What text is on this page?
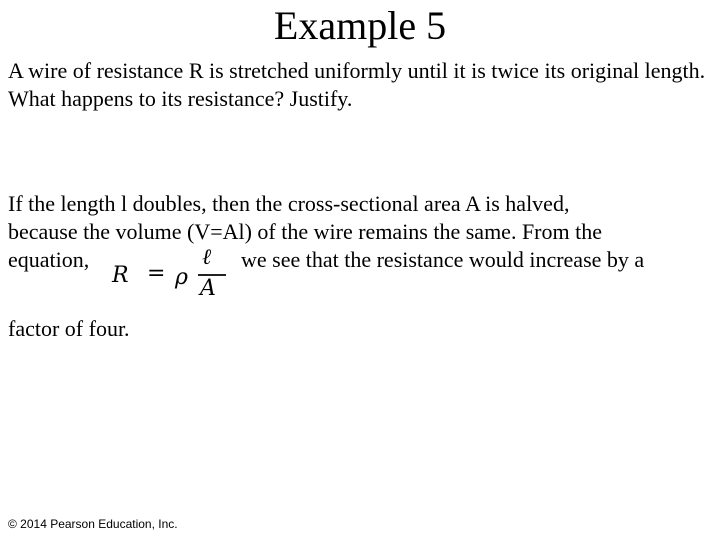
Example 5
A wire of resistance R is stretched uniformly until it is twice its original length. What happens to its resistance? Justify.
If the length l doubles, then the cross-sectional area A is halved,
because the volume (V=Al) of the wire remains the same. From the
equation,	we see that the resistance would increase by a
R = ρ
ℓ
A
factor of four.
© 2014 Pearson Education, Inc.
